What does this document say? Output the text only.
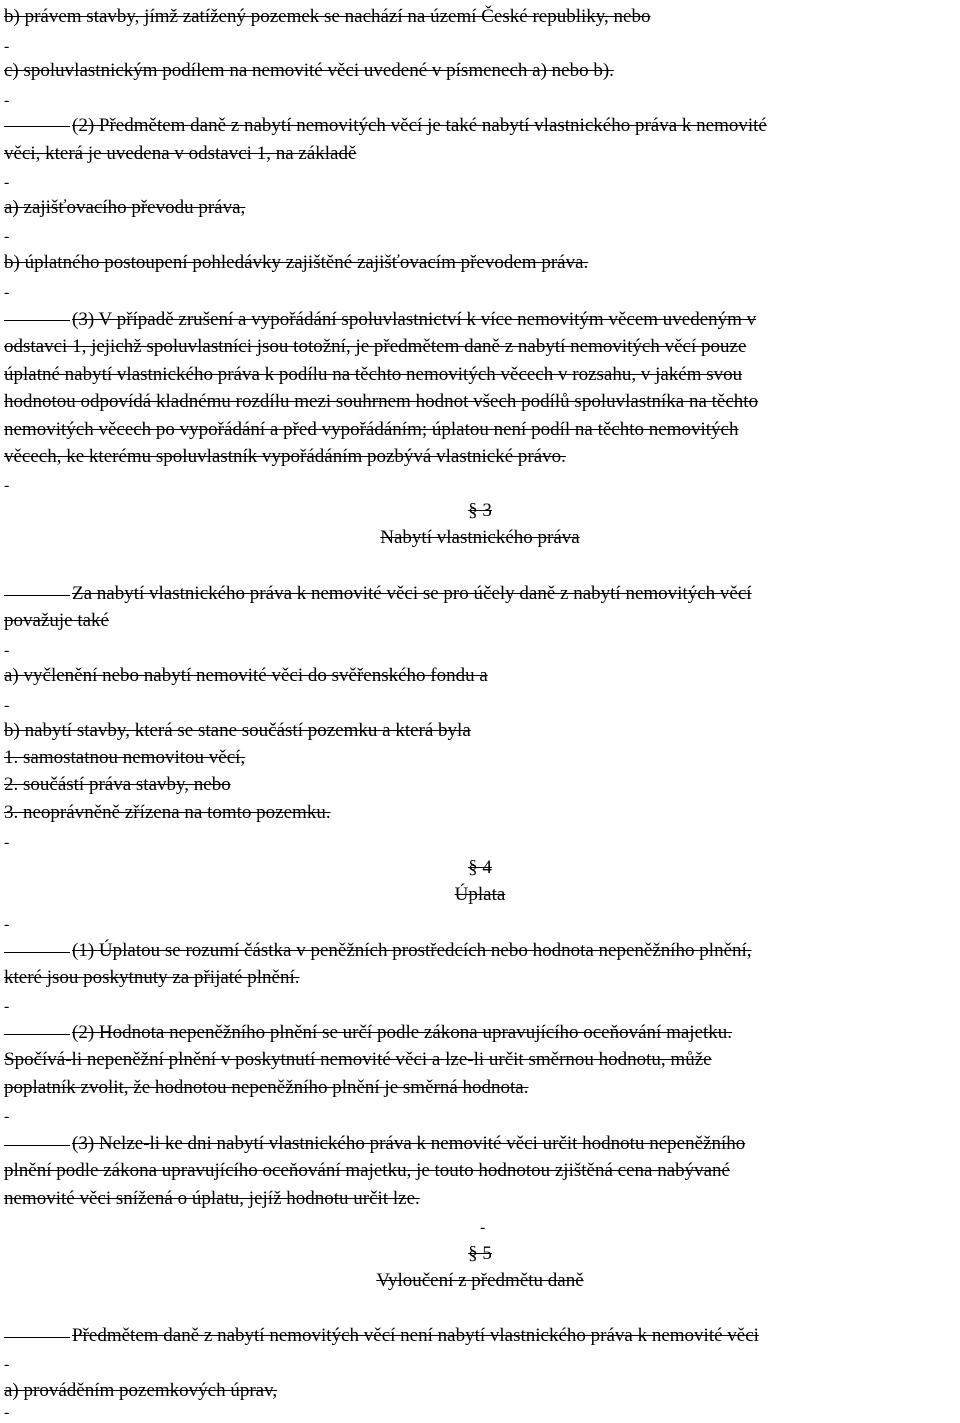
b) právem stavby, jímž zatížený pozemek se nachází na území České republiky, nebo
-
c) spoluvlastnickým podílem na nemovité věci uvedené v písmenech a) nebo b).
-
(2) Předmětem daně z nabytí nemovitých věcí je také nabytí vlastnického práva k nemovité
věci, která je uvedena v odstavci 1, na základě
-
a) zajišťovacího převodu práva,
-
b) úplatného postoupení pohledávky zajištěné zajišťovacím převodem práva.
-
(3) V případě zrušení a vypořádání spoluvlastnictví k více nemovitým věcem uvedeným v
odstavci 1, jejichž spoluvlastníci jsou totožní, je předmětem daně z nabytí nemovitých věcí pouze
úplatné nabytí vlastnického práva k podílu na těchto nemovitých věcech v rozsahu, v jakém svou
hodnotou odpovídá kladnému rozdílu mezi souhrnem hodnot všech podílů spoluvlastníka na těchto
nemovitých věcech po vypořádání a před vypořádáním; úplatou není podíl na těchto nemovitých
věcech, ke kterému spoluvlastník vypořádáním pozbývá vlastnické právo.
-
§ 3
Nabytí vlastnického práva
Za nabytí vlastnického práva k nemovité věci se pro účely daně z nabytí nemovitých věcí
považuje také
-
a) vyčlenění nebo nabytí nemovité věci do svěřenského fondu a
-
b) nabytí stavby, která se stane součástí pozemku a která byla
1. samostatnou nemovitou věcí,
2. součástí práva stavby, nebo
3. neoprávněně zřízena na tomto pozemku.
-
§ 4
Úplata
-
(1) Úplatou se rozumí částka v peněžních prostředcích nebo hodnota nepeněžního plnění,
které jsou poskytnuty za přijaté plnění.
-
(2) Hodnota nepeněžního plnění se určí podle zákona upravujícího oceňování majetku.
Spočívá-li nepeněžní plnění v poskytnutí nemovité věci a lze-li určit směrnou hodnotu, může
poplatník zvolit, že hodnotou nepeněžního plnění je směrná hodnota.
-
(3) Nelze-li ke dni nabytí vlastnického práva k nemovité věci určit hodnotu nepeněžního
plnění podle zákona upravujícího oceňování majetku, je touto hodnotou zjištěná cena nabývané
nemovité věci snížená o úplatu, jejíž hodnotu určit lze.
-
§ 5
Vyloučení z předmětu daně
Předmětem daně z nabytí nemovitých věcí není nabytí vlastnického práva k nemovité věci
-
a) prováděním pozemkových úprav,
-
